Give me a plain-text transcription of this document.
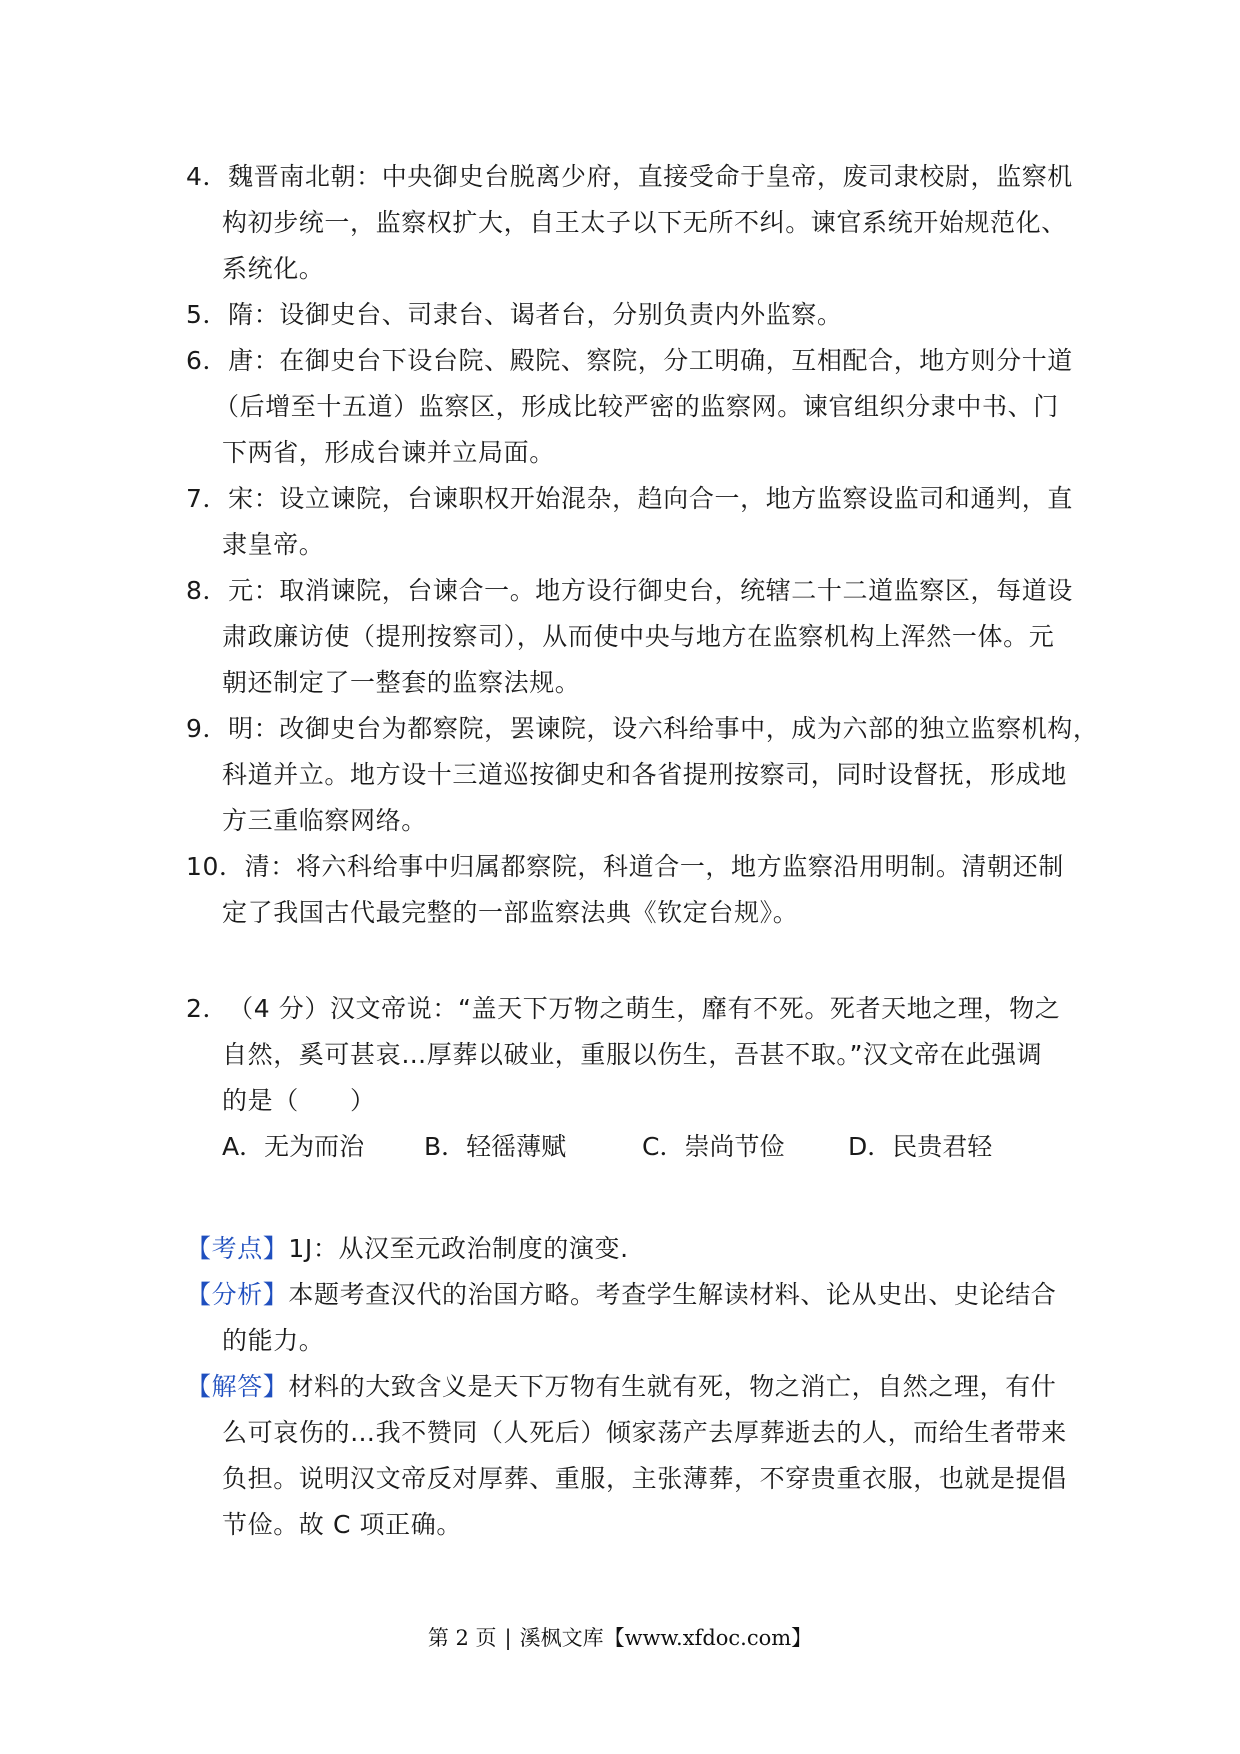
4．魏晋南北朝：中央御史台脱离少府，直接受命于皇帝，废司隶校尉，监察机
构初步统一，监察权扩大，自王太子以下无所不纠。谏官系统开始规范化、
系统化。
5．隋：设御史台、司隶台、谒者台，分别负责内外监察。
6．唐：在御史台下设台院、殿院、察院，分工明确，互相配合，地方则分十道
（后增至十五道）监察区，形成比较严密的监察网。谏官组织分隶中书、门
下两省，形成台谏并立局面。
7．宋：设立谏院，台谏职权开始混杂，趋向合一，地方监察设监司和通判，直
隶皇帝。
8．元：取消谏院，台谏合一。地方设行御史台，统辖二十二道监察区，每道设
肃政廉访使（提刑按察司），从而使中央与地方在监察机构上浑然一体。元
朝还制定了一整套的监察法规。
9．明：改御史台为都察院，罢谏院，设六科给事中，成为六部的独立监察机构，
科道并立。地方设十三道巡按御史和各省提刑按察司，同时设督抚，形成地
方三重临察网络。
10．清：将六科给事中归属都察院，科道合一，地方监察沿用明制。清朝还制
定了我国古代最完整的一部监察法典《钦定台规》。
2．（4 分）汉文帝说：“盖天下万物之萌生，靡有不死。死者天地之理，物之
自然，奚可甚哀…厚葬以破业，重服以伤生，吾甚不取。”汉文帝在此强调
的是（　　）
A．无为而治 B．轻徭薄赋	C．崇尚节俭	D．民贵君轻
【考点】1J：从汉至元政治制度的演变.
【分析】本题考查汉代的治国方略。考查学生解读材料、论从史出、史论结合
的能力。
【解答】材料的大致含义是天下万物有生就有死，物之消亡，自然之理，有什
么可哀伤的…我不赞同（人死后）倾家荡产去厚葬逝去的人，而给生者带来
负担。说明汉文帝反对厚葬、重服，主张薄葬，不穿贵重衣服，也就是提倡
节俭。故 C 项正确。
第 2 页 | 溪枫文库【www.xfdoc.com】
